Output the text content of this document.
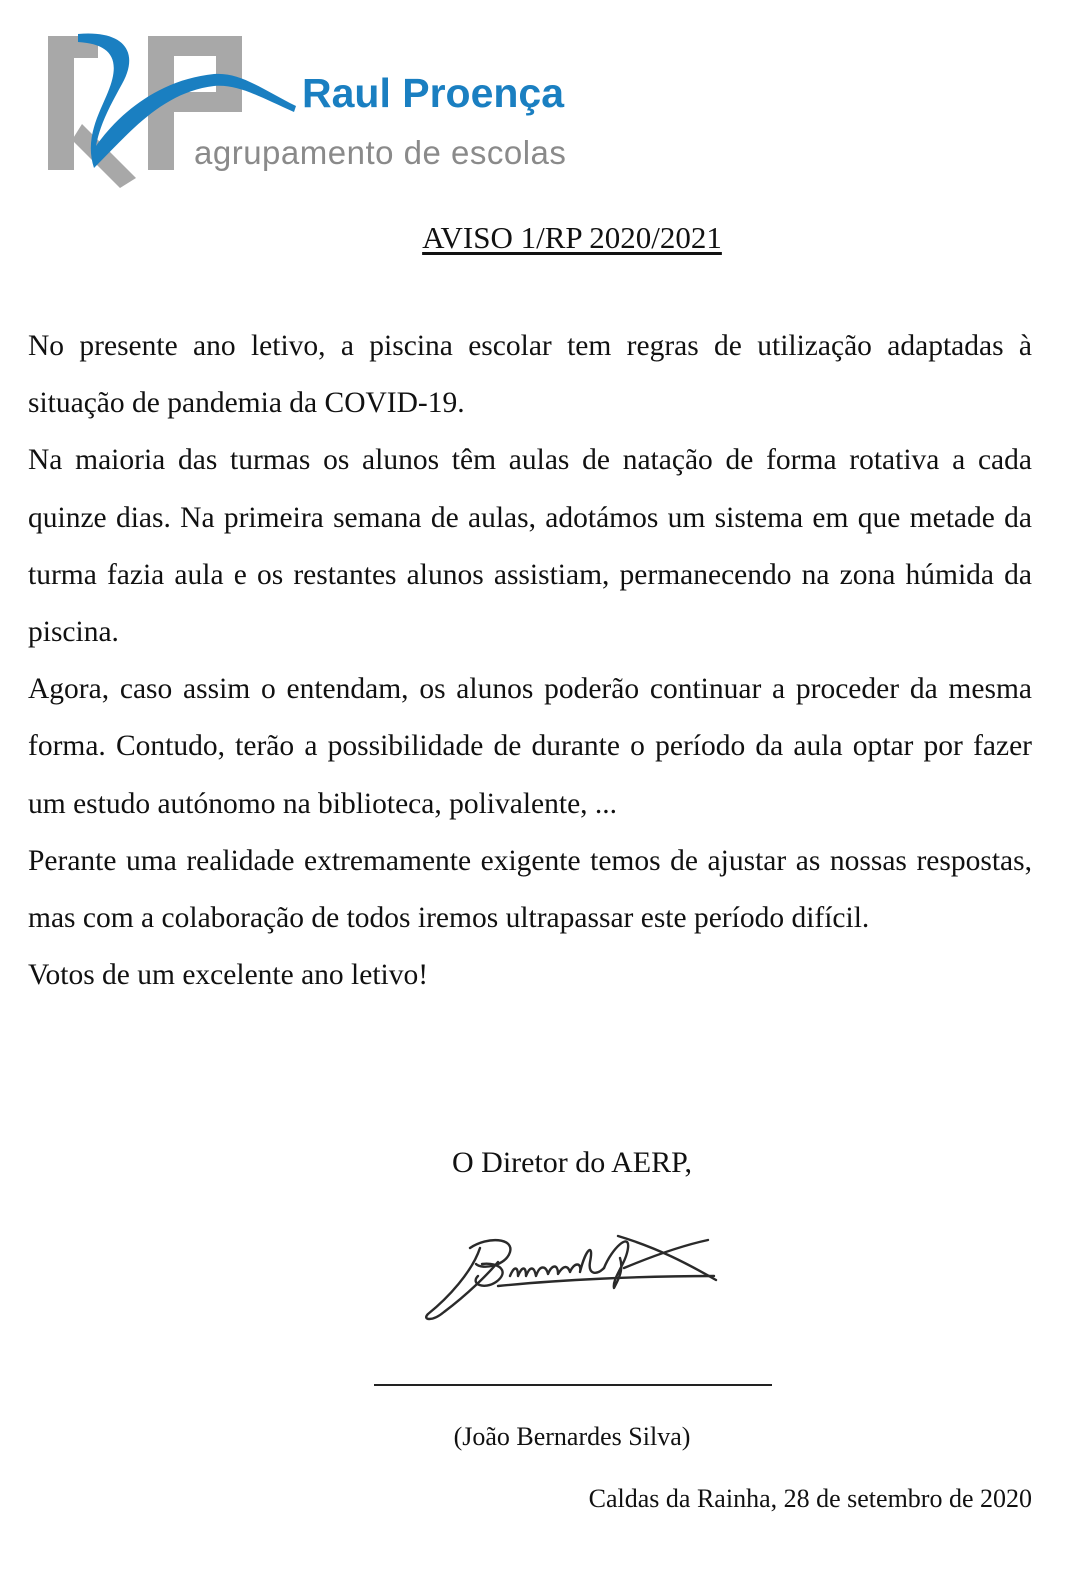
Raul Proença
agrupamento de escolas
AVISO 1/RP 2020/2021

No presente ano letivo, a piscina escolar tem regras de utilização adaptadas à situação de pandemia da COVID-19.

Na maioria das turmas os alunos têm aulas de natação de forma rotativa a cada quinze dias. Na primeira semana de aulas, adotámos um sistema em que metade da turma fazia aula e os restantes alunos assistiam, permanecendo na zona húmida da piscina.

Agora, caso assim o entendam, os alunos poderão continuar a proceder da mesma forma. Contudo, terão a possibilidade de durante o período da aula optar por fazer um estudo autónomo na biblioteca, polivalente, ...

Perante uma realidade extremamente exigente temos de ajustar as nossas respostas, mas com a colaboração de todos iremos ultrapassar este período difícil.

Votos de um excelente ano letivo!

O Diretor do AERP,
(João Bernardes Silva)
Caldas da Rainha, 28 de setembro de 2020
